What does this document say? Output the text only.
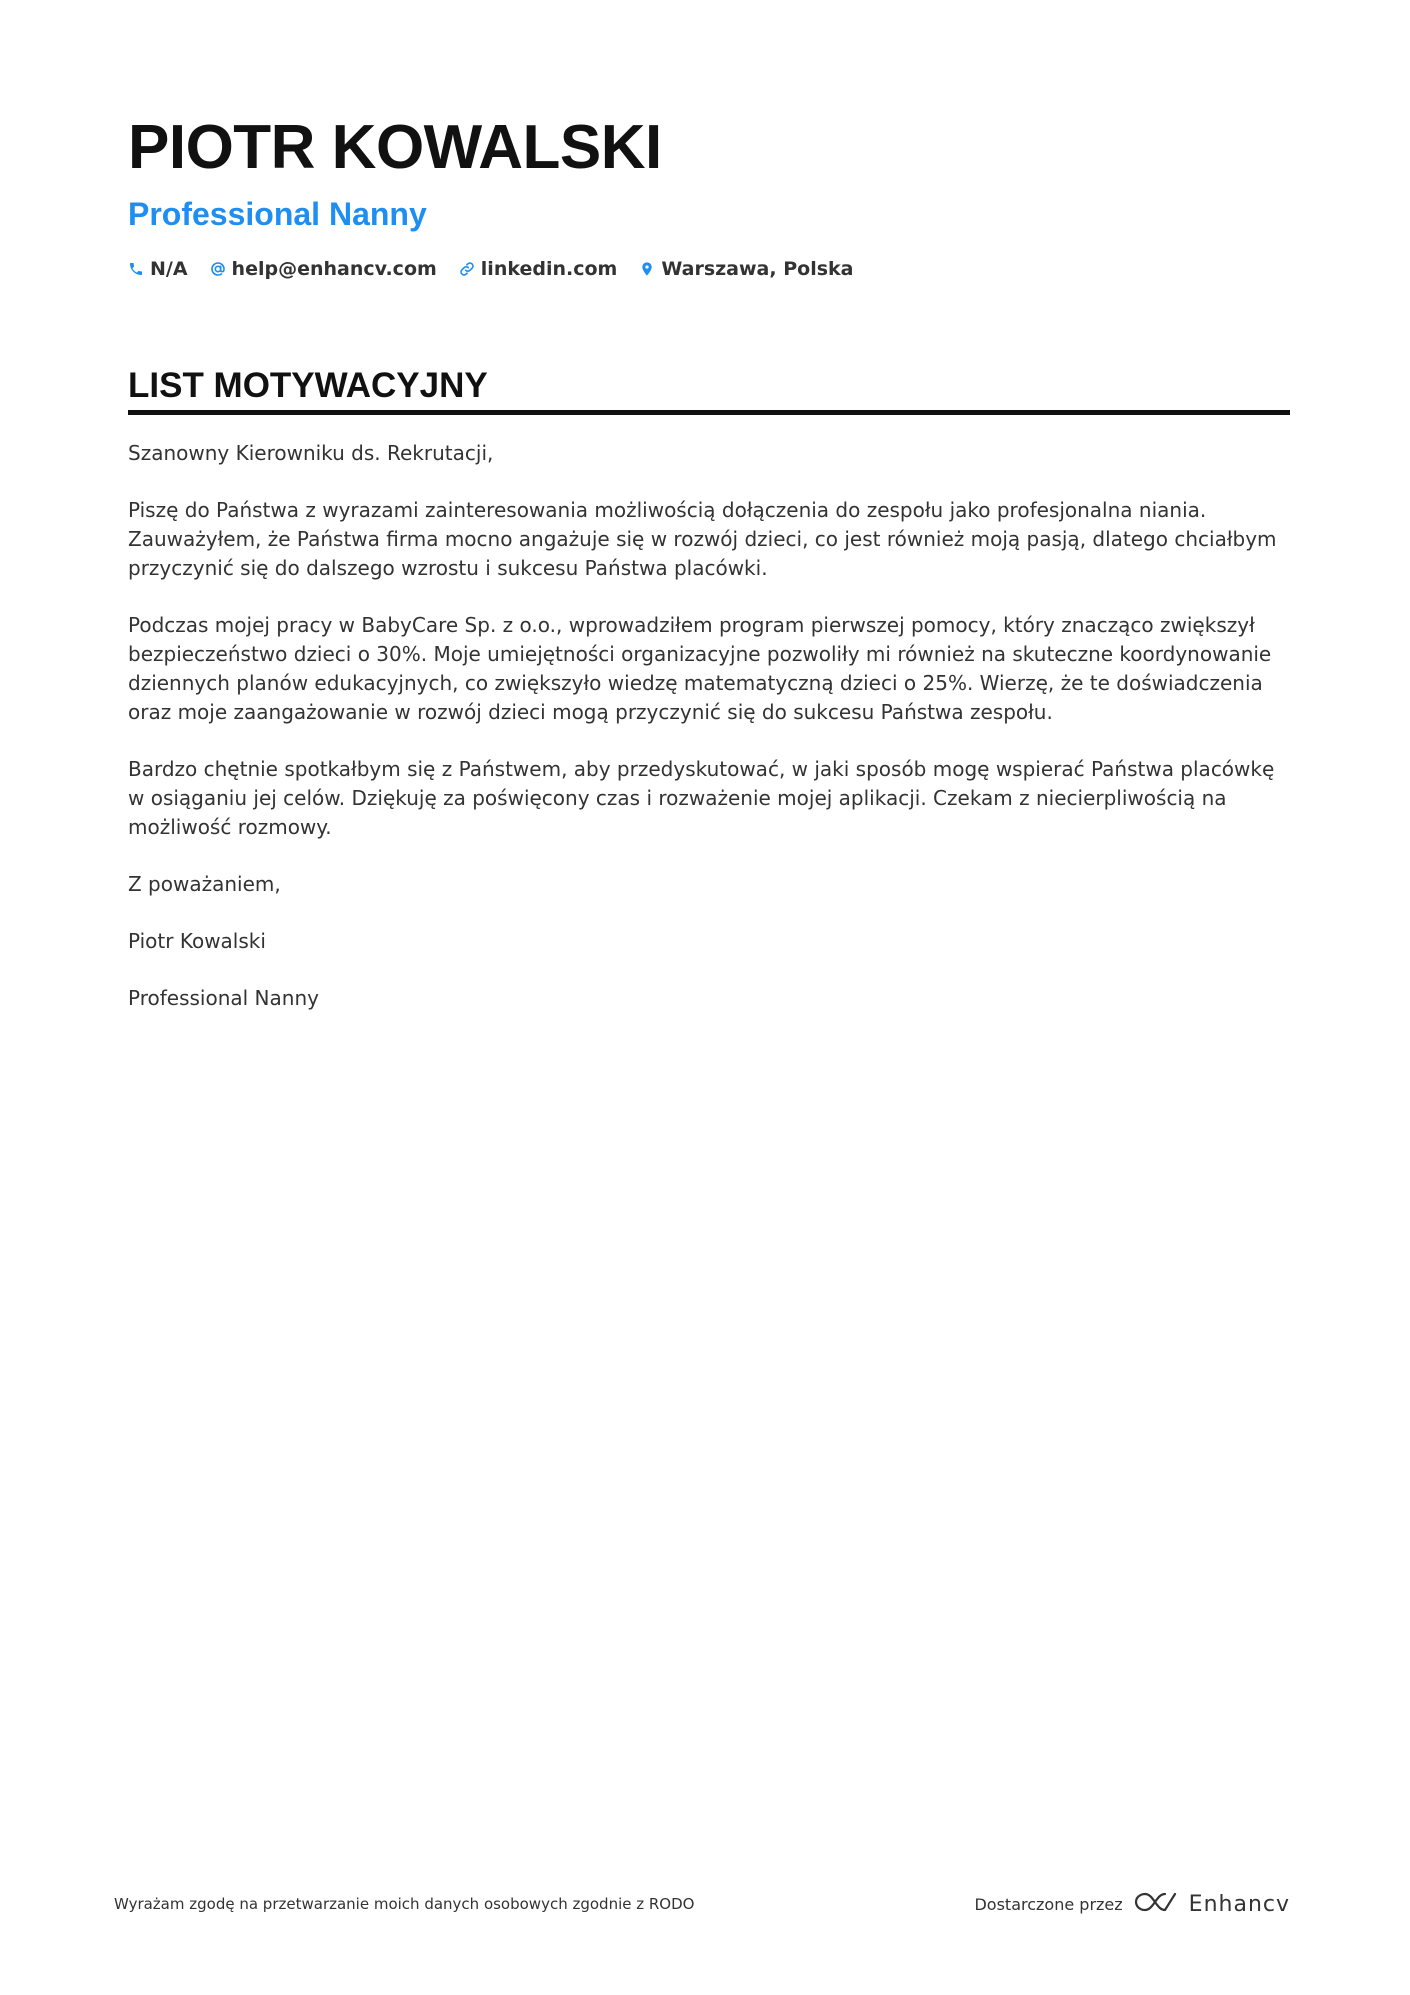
PIOTR KOWALSKI
Professional Nanny
N/A help@enhancv.com linkedin.com Warszawa, Polska
LIST MOTYWACYJNY

Szanowny Kierowniku ds. Rekrutacji,

Piszę do Państwa z wyrazami zainteresowania możliwością dołączenia do zespołu jako profesjonalna niania. Zauważyłem, że Państwa firma mocno angażuje się w rozwój dzieci, co jest również moją pasją, dlatego chciałbym przyczynić się do dalszego wzrostu i sukcesu Państwa placówki.

Podczas mojej pracy w BabyCare Sp. z o.o., wprowadziłem program pierwszej pomocy, który znacząco zwiększył bezpieczeństwo dzieci o 30%. Moje umiejętności organizacyjne pozwoliły mi również na skuteczne koordynowanie dziennych planów edukacyjnych, co zwiększyło wiedzę matematyczną dzieci o 25%. Wierzę, że te doświadczenia oraz moje zaangażowanie w rozwój dzieci mogą przyczynić się do sukcesu Państwa zespołu.

Bardzo chętnie spotkałbym się z Państwem, aby przedyskutować, w jaki sposób mogę wspierać Państwa placówkę w osiąganiu jej celów. Dziękuję za poświęcony czas i rozważenie mojej aplikacji. Czekam z niecierpliwością na możliwość rozmowy.

Z poważaniem,

Piotr Kowalski

Professional Nanny

Wyrażam zgodę na przetwarzanie moich danych osobowych zgodnie z RODO	Dostarczone przez	Enhancv
